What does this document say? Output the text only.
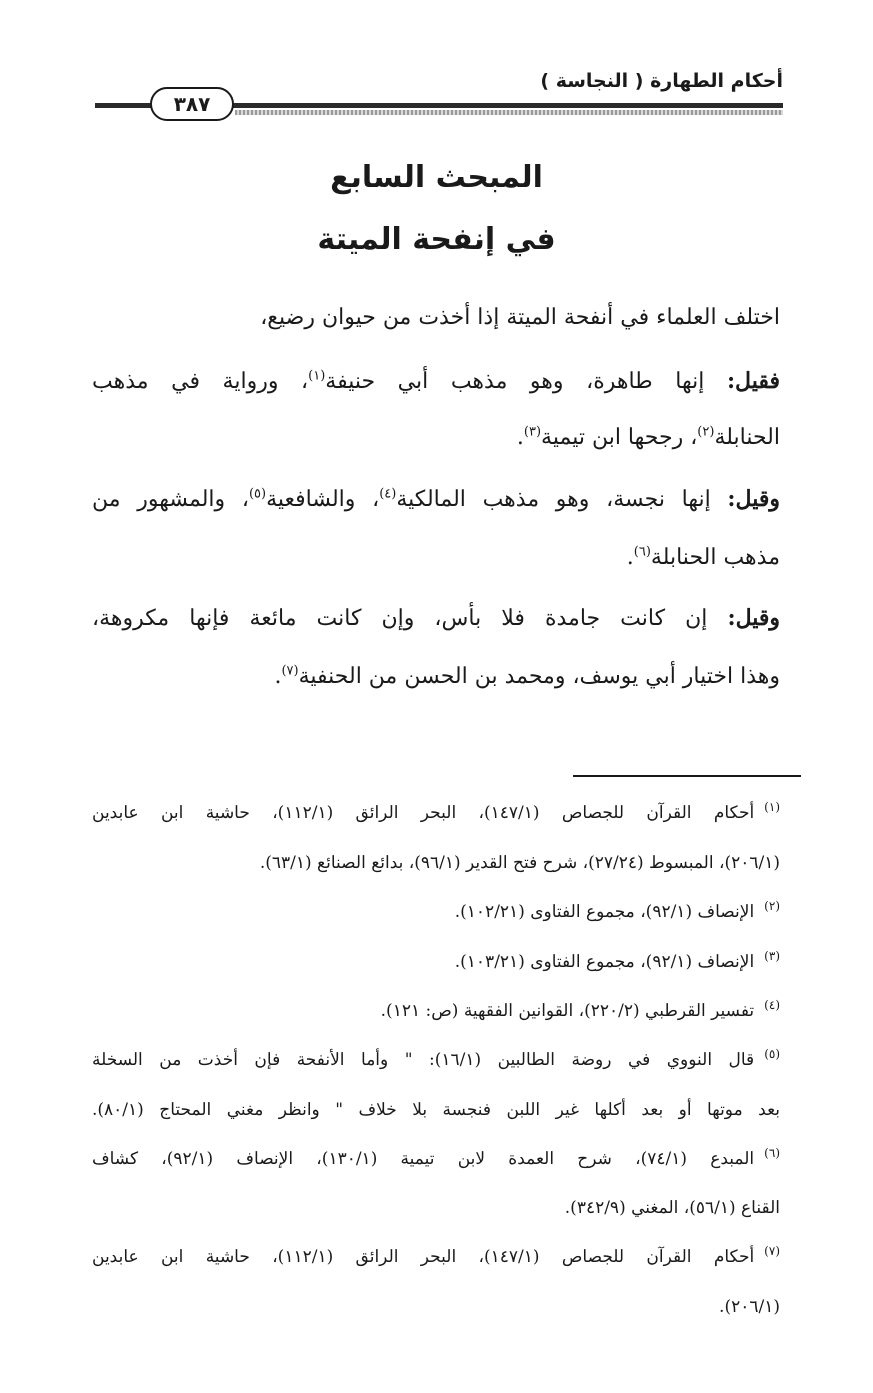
أحكام الطهارة ( النجاسة )
٣٨٧
المبحث السابع
في إنفحة الميتة
اختلف العلماء في أنفحة الميتة إذا أخذت من حيوان رضيع،
فقيل: إنها طاهرة، وهو مذهب أبي حنيفة$^{(١)}$، ورواية في مذهب
الحنابلة$^{(٢)}$، رجحها ابن تيمية$^{(٣)}$.
وقيل: إنها نجسة، وهو مذهب المالكية$^{(٤)}$، والشافعية$^{(٥)}$، والمشهور من
مذهب الحنابلة$^{(٦)}$.
وقيل: إن كانت جامدة فلا بأس، وإن كانت مائعة فإنها مكروهة،
وهذا اختيار أبي يوسف، ومحمد بن الحسن من الحنفية$^{(٧)}$.
$^{(١)}$أحكام القرآن للجصاص (١٤٧/١)، البحر الرائق (١١٢/١)، حاشية ابن عابدين
(٢٠٦/١)، المبسوط (٢٧/٢٤)، شرح فتح القدير (٩٦/١)، بدائع الصنائع (٦٣/١).
$^{(٢)}$الإنصاف (٩٢/١)، مجموع الفتاوى (١٠٢/٢١).
$^{(٣)}$الإنصاف (٩٢/١)، مجموع الفتاوى (١٠٣/٢١).
$^{(٤)}$تفسير القرطبي (٢٢٠/٢)، القوانين الفقهية (ص: ١٢١).
$^{(٥)}$قال النووي في روضة الطالبين (١٦/١): " وأما الأنفحة فإن أخذت من السخلة
بعد موتها أو بعد أكلها غير اللبن فنجسة بلا خلاف " وانظر مغني المحتاج (٨٠/١).
$^{(٦)}$المبدع (٧٤/١)، شرح العمدة لابن تيمية (١٣٠/١)، الإنصاف (٩٢/١)، كشاف
القناع (٥٦/١)، المغني (٣٤٢/٩).
$^{(٧)}$أحكام القرآن للجصاص (١٤٧/١)، البحر الرائق (١١٢/١)، حاشية ابن عابدين
(٢٠٦/١).
